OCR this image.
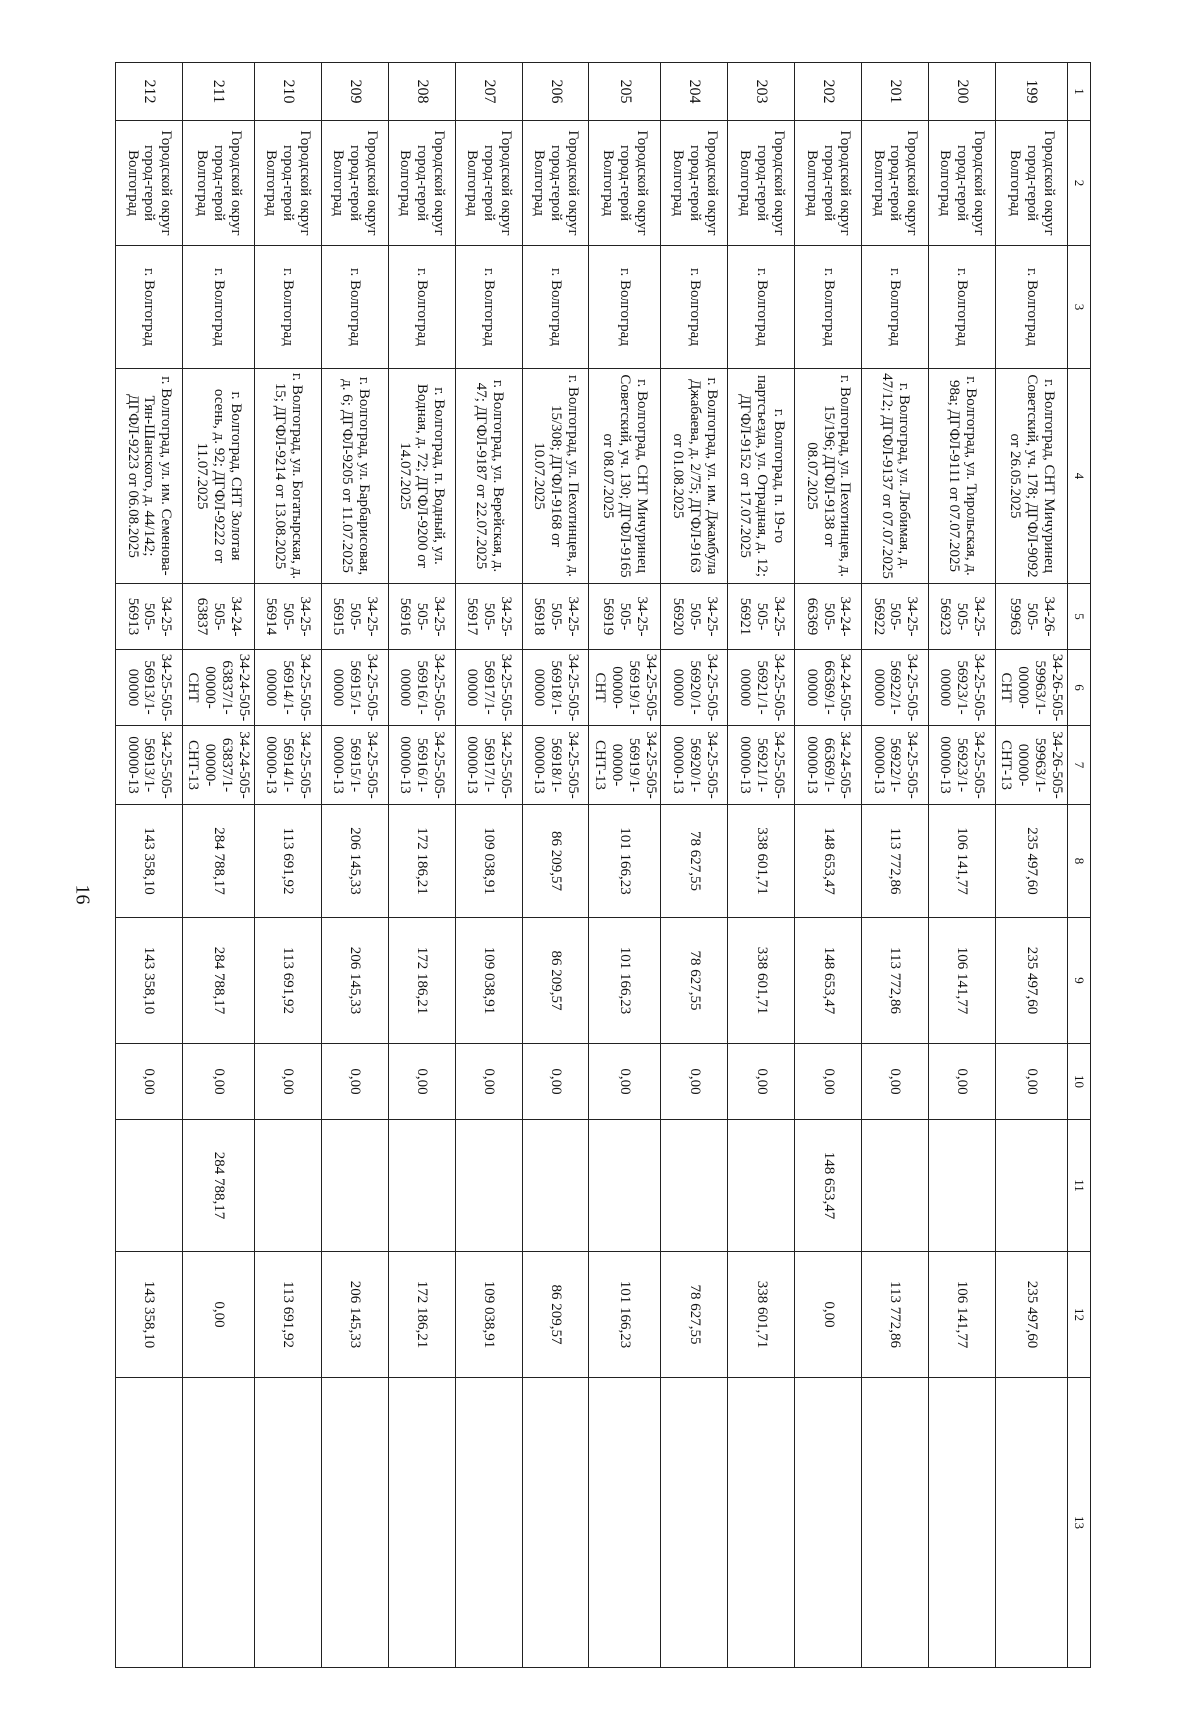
16
1	2	3	4	5	6	7	8	9	10	11	12	13
199	Городской округ город-герой Волгоград	г. Волгоград	г. Волгоград, СНТ Мичуринец Советский, уч. 178; ДГФЛ-9092 от 26.05.2025	34-26-505-59963	34-26-505-59963/1-00000-СНТ	34-26-505-59963/1-00000-СНТ-13	235 497,60	235 497,60	0,00		235 497,60	
200	Городской округ город-герой Волгоград	г. Волгоград	г. Волгоград, ул. Тирольская, д. 98а; ДГФЛ-9111 от 07.07.2025	34-25-505-56923	34-25-505-56923/1-00000	34-25-505-56923/1-00000-13	106 141,77	106 141,77	0,00		106 141,77	
201	Городской округ город-герой Волгоград	г. Волгоград	г. Волгоград, ул. Любимая, д. 47/12; ДГФЛ-9137 от 07.07.2025	34-25-505-56922	34-25-505-56922/1-00000	34-25-505-56922/1-00000-13	113 772,86	113 772,86	0,00		113 772,86	
202	Городской округ город-герой Волгоград	г. Волгоград	г. Волгоград, ул. Пехотинцев, д. 15/196; ДГФЛ-9138 от 08.07.2025	34-24-505-66369	34-24-505-66369/1-00000	34-24-505-66369/1-00000-13	148 653,47	148 653,47	0,00	148 653,47	0,00	
203	Городской округ город-герой Волгоград	г. Волгоград	г. Волгоград, п. 19-го партсъезда, ул. Отрадная, д. 12; ДГФЛ-9152 от 17.07.2025	34-25-505-56921	34-25-505-56921/1-00000	34-25-505-56921/1-00000-13	338 601,71	338 601,71	0,00		338 601,71	
204	Городской округ город-герой Волгоград	г. Волгоград	г. Волгоград, ул. им. Джамбула Джабаева, д. 2/75; ДГФЛ-9163 от 01.08.2025	34-25-505-56920	34-25-505-56920/1-00000	34-25-505-56920/1-00000-13	78 627,55	78 627,55	0,00		78 627,55	
205	Городской округ город-герой Волгоград	г. Волгоград	г. Волгоград, СНТ Мичуринец Советский, уч. 130; ДГФЛ-9165 от 08.07.2025	34-25-505-56919	34-25-505-56919/1-00000-СНТ	34-25-505-56919/1-00000-СНТ-13	101 166,23	101 166,23	0,00		101 166,23	
206	Городской округ город-герой Волгоград	г. Волгоград	г. Волгоград, ул. Пехотинцев, д. 15/308; ДГФЛ-9168 от 10.07.2025	34-25-505-56918	34-25-505-56918/1-00000	34-25-505-56918/1-00000-13	86 209,57	86 209,57	0,00		86 209,57	
207	Городской округ город-герой Волгоград	г. Волгоград	г. Волгоград, ул. Верейская, д. 47; ДГФЛ-9187 от 22.07.2025	34-25-505-56917	34-25-505-56917/1-00000	34-25-505-56917/1-00000-13	109 038,91	109 038,91	0,00		109 038,91	
208	Городской округ город-герой Волгоград	г. Волгоград	г. Волгоград, п. Водный, ул. Водная, д. 72; ДГФЛ-9200 от 14.07.2025	34-25-505-56916	34-25-505-56916/1-00000	34-25-505-56916/1-00000-13	172 186,21	172 186,21	0,00		172 186,21	
209	Городской округ город-герой Волгоград	г. Волгоград	г. Волгоград, ул. Барбарисовая, д. 6; ДГФЛ-9205 от 11.07.2025	34-25-505-56915	34-25-505-56915/1-00000	34-25-505-56915/1-00000-13	206 145,33	206 145,33	0,00		206 145,33	
210	Городской округ город-герой Волгоград	г. Волгоград	г. Волгоград, ул. Богатырская, д. 15; ДГФЛ-9214 от 13.08.2025	34-25-505-56914	34-25-505-56914/1-00000	34-25-505-56914/1-00000-13	113 691,92	113 691,92	0,00		113 691,92	
211	Городской округ город-герой Волгоград	г. Волгоград	г. Волгоград, СНТ Золотая осень, д. 92; ДГФЛ-9222 от 11.07.2025	34-24-505-63837	34-24-505-63837/1-00000-СНТ	34-24-505-63837/1-00000-СНТ-13	284 788,17	284 788,17	0,00	284 788,17	0,00	
212	Городской округ город-герой Волгоград	г. Волгоград	г. Волгоград, ул. им. Семенова-Тян-Шанского, д. 44/142; ДГФЛ-9223 от 06.08.2025	34-25-505-56913	34-25-505-56913/1-00000	34-25-505-56913/1-00000-13	143 358,10	143 358,10	0,00		143 358,10	
